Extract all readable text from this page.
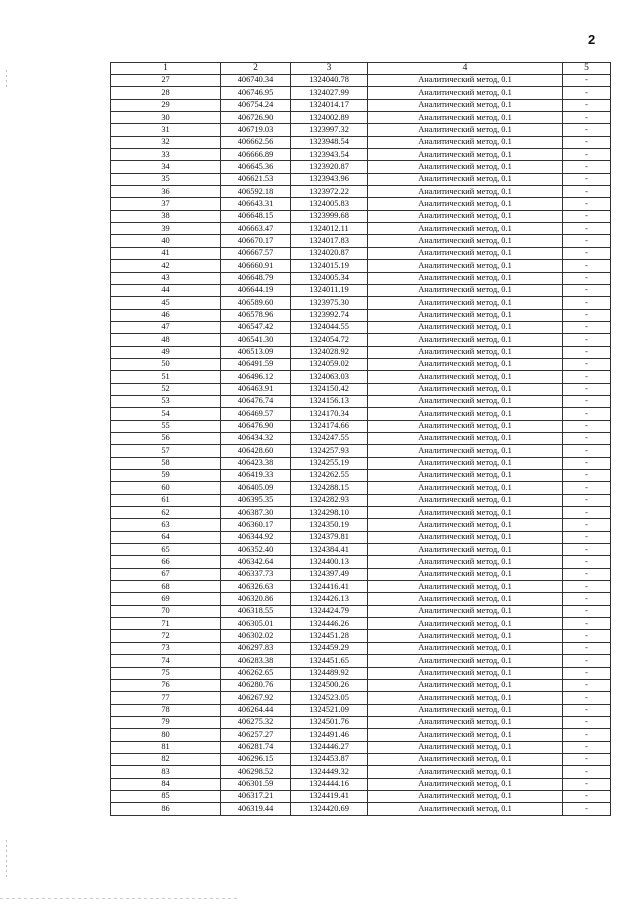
2
1	2	3	4	5
27	406740.34	1324040.78	Аналитический метод, 0.1	-
28	406746.95	1324027.99	Аналитический метод, 0.1	-
29	406754.24	1324014.17	Аналитический метод, 0.1	-
30	406726.90	1324002.89	Аналитический метод, 0.1	-
31	406719.03	1323997.32	Аналитический метод, 0.1	-
32	406662.56	1323948.54	Аналитический метод, 0.1	-
33	406666.89	1323943.54	Аналитический метод, 0.1	-
34	406645.36	1323920.87	Аналитический метод, 0.1	-
35	406621.53	1323943.96	Аналитический метод, 0.1	-
36	406592.18	1323972.22	Аналитический метод, 0.1	-
37	406643.31	1324005.83	Аналитический метод, 0.1	-
38	406648.15	1323999.68	Аналитический метод, 0.1	-
39	406663.47	1324012.11	Аналитический метод, 0.1	-
40	406670.17	1324017.83	Аналитический метод, 0.1	-
41	406667.57	1324020.87	Аналитический метод, 0.1	-
42	406660.91	1324015.19	Аналитический метод, 0.1	-
43	406648.79	1324005.34	Аналитический метод, 0.1	-
44	406644.19	1324011.19	Аналитический метод, 0.1	-
45	406589.60	1323975.30	Аналитический метод, 0.1	-
46	406578.96	1323992.74	Аналитический метод, 0.1	-
47	406547.42	1324044.55	Аналитический метод, 0.1	-
48	406541.30	1324054.72	Аналитический метод, 0.1	-
49	406513.09	1324028.92	Аналитический метод, 0.1	-
50	406491.59	1324059.02	Аналитический метод, 0.1	-
51	406496.12	1324063.03	Аналитический метод, 0.1	-
52	406463.91	1324150.42	Аналитический метод, 0.1	-
53	406476.74	1324156.13	Аналитический метод, 0.1	-
54	406469.57	1324170.34	Аналитический метод, 0.1	-
55	406476.90	1324174.66	Аналитический метод, 0.1	-
56	406434.32	1324247.55	Аналитический метод, 0.1	-
57	406428.60	1324257.93	Аналитический метод, 0.1	-
58	406423.38	1324255.19	Аналитический метод, 0.1	-
59	406419.33	1324262.55	Аналитический метод, 0.1	-
60	406405.09	1324288.15	Аналитический метод, 0.1	-
61	406395.35	1324282.93	Аналитический метод, 0.1	-
62	406387.30	1324298.10	Аналитический метод, 0.1	-
63	406360.17	1324350.19	Аналитический метод, 0.1	-
64	406344.92	1324379.81	Аналитический метод, 0.1	-
65	406352.40	1324384.41	Аналитический метод, 0.1	-
66	406342.64	1324400.13	Аналитический метод, 0.1	-
67	406337.73	1324397.49	Аналитический метод, 0.1	-
68	406326.63	1324416.41	Аналитический метод, 0.1	-
69	406320.86	1324426.13	Аналитический метод, 0.1	-
70	406318.55	1324424.79	Аналитический метод, 0.1	-
71	406305.01	1324446.26	Аналитический метод, 0.1	-
72	406302.02	1324451.28	Аналитический метод, 0.1	-
73	406297.83	1324459.29	Аналитический метод, 0.1	-
74	406283.38	1324451.65	Аналитический метод, 0.1	-
75	406262.65	1324489.92	Аналитический метод, 0.1	-
76	406280.76	1324500.26	Аналитический метод, 0.1	-
77	406267.92	1324523.05	Аналитический метод, 0.1	-
78	406264.44	1324521.09	Аналитический метод, 0.1	-
79	406275.32	1324501.76	Аналитический метод, 0.1	-
80	406257.27	1324491.46	Аналитический метод, 0.1	-
81	406281.74	1324446.27	Аналитический метод, 0.1	-
82	406296.15	1324453.87	Аналитический метод, 0.1	-
83	406298.52	1324449.32	Аналитический метод, 0.1	-
84	406301.59	1324444.16	Аналитический метод, 0.1	-
85	406317.21	1324419.41	Аналитический метод, 0.1	-
86	406319.44	1324420.69	Аналитический метод, 0.1	-
